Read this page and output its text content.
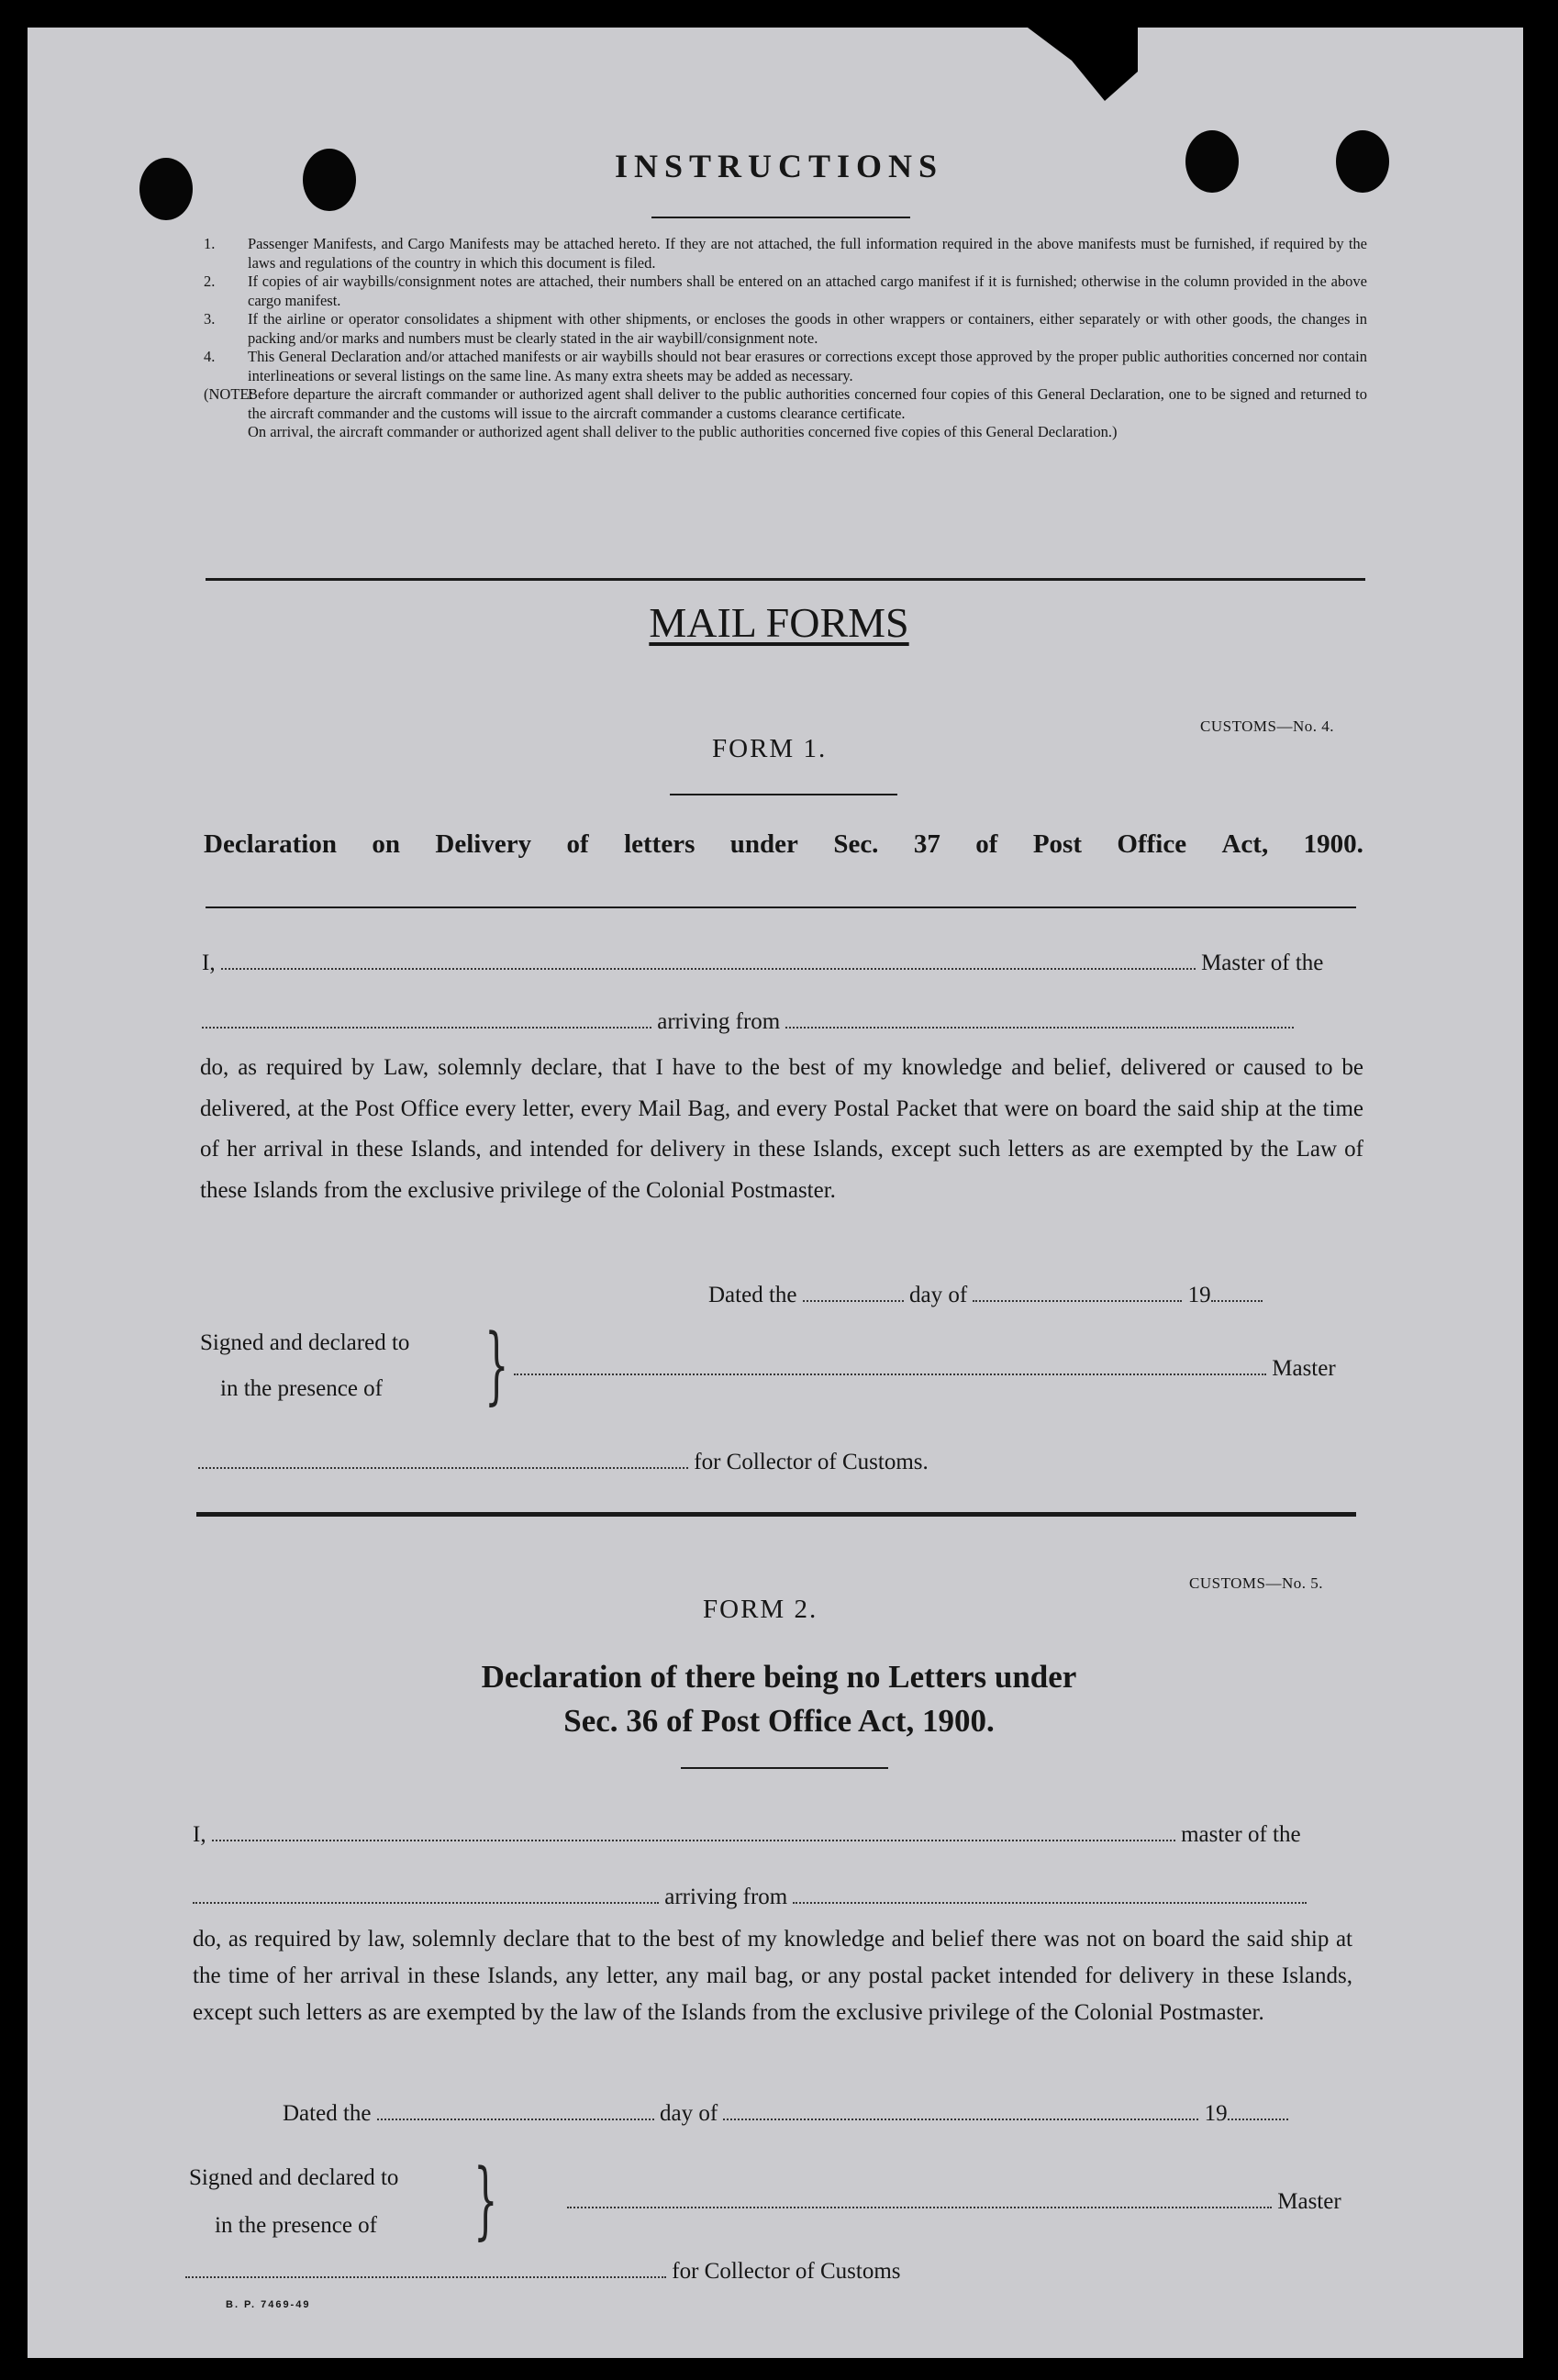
INSTRUCTIONS
1. Passenger Manifests, and Cargo Manifests may be attached hereto. If they are not attached, the full information required in the above manifests must be furnished, if required by the laws and regulations of the country in which this document is filed.
2. If copies of air waybills/consignment notes are attached, their numbers shall be entered on an attached cargo manifest if it is furnished; otherwise in the column provided in the above cargo manifest.
3. If the airline or operator consolidates a shipment with other shipments, or encloses the goods in other wrappers or containers, either separately or with other goods, the changes in packing and/or marks and numbers must be clearly stated in the air waybill/consignment note.
4. This General Declaration and/or attached manifests or air waybills should not bear erasures or corrections except those approved by the proper public authorities concerned nor contain interlineations or several listings on the same line. As many extra sheets may be added as necessary.
(NOTE:
Before departure the aircraft commander or authorized agent shall deliver to the public authorities concerned four copies of this General Declaration, one to be signed and returned to the aircraft commander and the customs will issue to the aircraft commander a customs clearance certificate.
On arrival, the aircraft commander or authorized agent shall deliver to the public authorities concerned five copies of this General Declaration.)
MAIL FORMS
CUSTOMS—No. 4.
FORM 1.
Declaration on Delivery of letters under Sec. 37 of Post Office Act, 1900.
I,	Master of the
arriving from
do, as required by Law, solemnly declare, that I have to the best of my knowledge and belief, delivered or caused to be delivered, at the Post Office every letter, every Mail Bag, and every Postal Packet that were on board the said ship at the time of her arrival in these Islands, and intended for delivery in these Islands, except such letters as are exempted by the Law of these Islands from the exclusive privilege of the Colonial Postmaster.
Dated the	day of	19
Signed and declared to
in the presence of }	Master
for Collector of Customs.
CUSTOMS—No. 5.
FORM 2.
Declaration of there being no Letters under
Sec. 36 of Post Office Act, 1900.
I,	master of the
arriving from
do, as required by law, solemnly declare that to the best of my knowledge and belief there was not on board the said ship at the time of her arrival in these Islands, any letter, any mail bag, or any postal packet intended for delivery in these Islands, except such letters as are exempted by the law of the Islands from the exclusive privilege of the Colonial Postmaster.
Dated the	day of	19
Signed and declared to
in the presence of }	Master
for Collector of Customs
B. P. 7469-49
